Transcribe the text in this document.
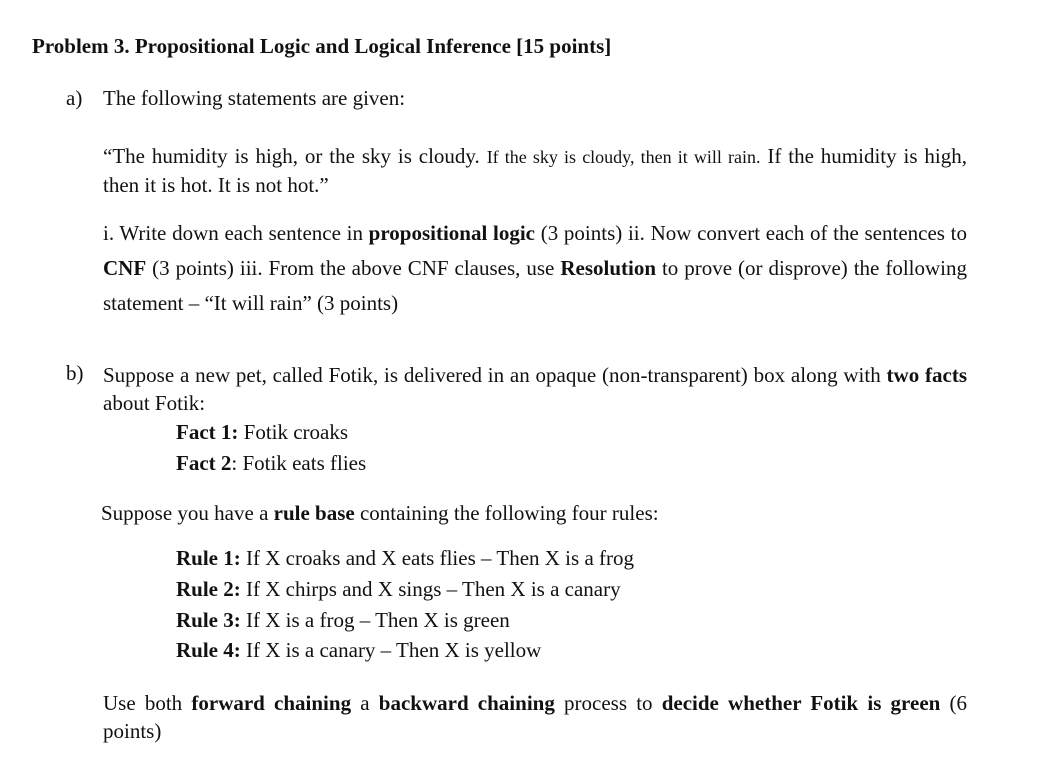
Problem 3. Propositional Logic and Logical Inference [15 points]
a) The following statements are given:
“The humidity is high, or the sky is cloudy. If the sky is cloudy, then it will rain. If the humidity is high, then it is hot. It is not hot.”
i. Write down each sentence in propositional logic (3 points) ii. Now convert each of the sentences to CNF (3 points) iii. From the above CNF clauses, use Resolution to prove (or disprove) the following statement – “It will rain” (3 points)
b) Suppose a new pet, called Fotik, is delivered in an opaque (non-transparent) box along with two facts about Fotik:
Fact 1: Fotik croaks
Fact 2: Fotik eats flies
Suppose you have a rule base containing the following four rules:
Rule 1: If X croaks and X eats flies – Then X is a frog
Rule 2: If X chirps and X sings – Then X is a canary
Rule 3: If X is a frog – Then X is green
Rule 4: If X is a canary – Then X is yellow
Use both forward chaining a backward chaining process to decide whether Fotik is green (6 points)
